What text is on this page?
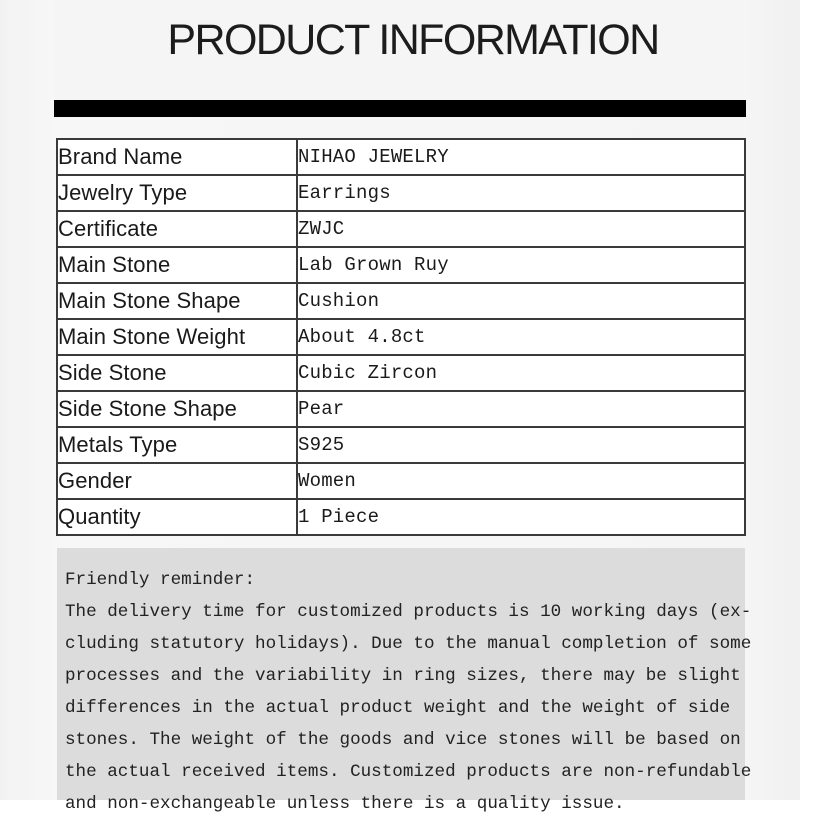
PRODUCT INFORMATION
Brand Name	NIHAO JEWELRY
Jewelry Type	Earrings
Certificate	ZWJC
Main Stone	Lab Grown Ruy
Main Stone Shape	Cushion
Main Stone Weight	About 4.8ct
Side Stone	Cubic Zircon
Side Stone Shape	Pear
Metals Type	S925
Gender	Women
Quantity	1 Piece
Friendly reminder:
The delivery time for customized products is 10 working days (ex-
cluding statutory holidays). Due to the manual completion of some
processes and the variability in ring sizes, there may be slight
differences in the actual product weight and the weight of side
stones. The weight of the goods and vice stones will be based on
the actual received items. Customized products are non-refundable
and non-exchangeable unless there is a quality issue.
